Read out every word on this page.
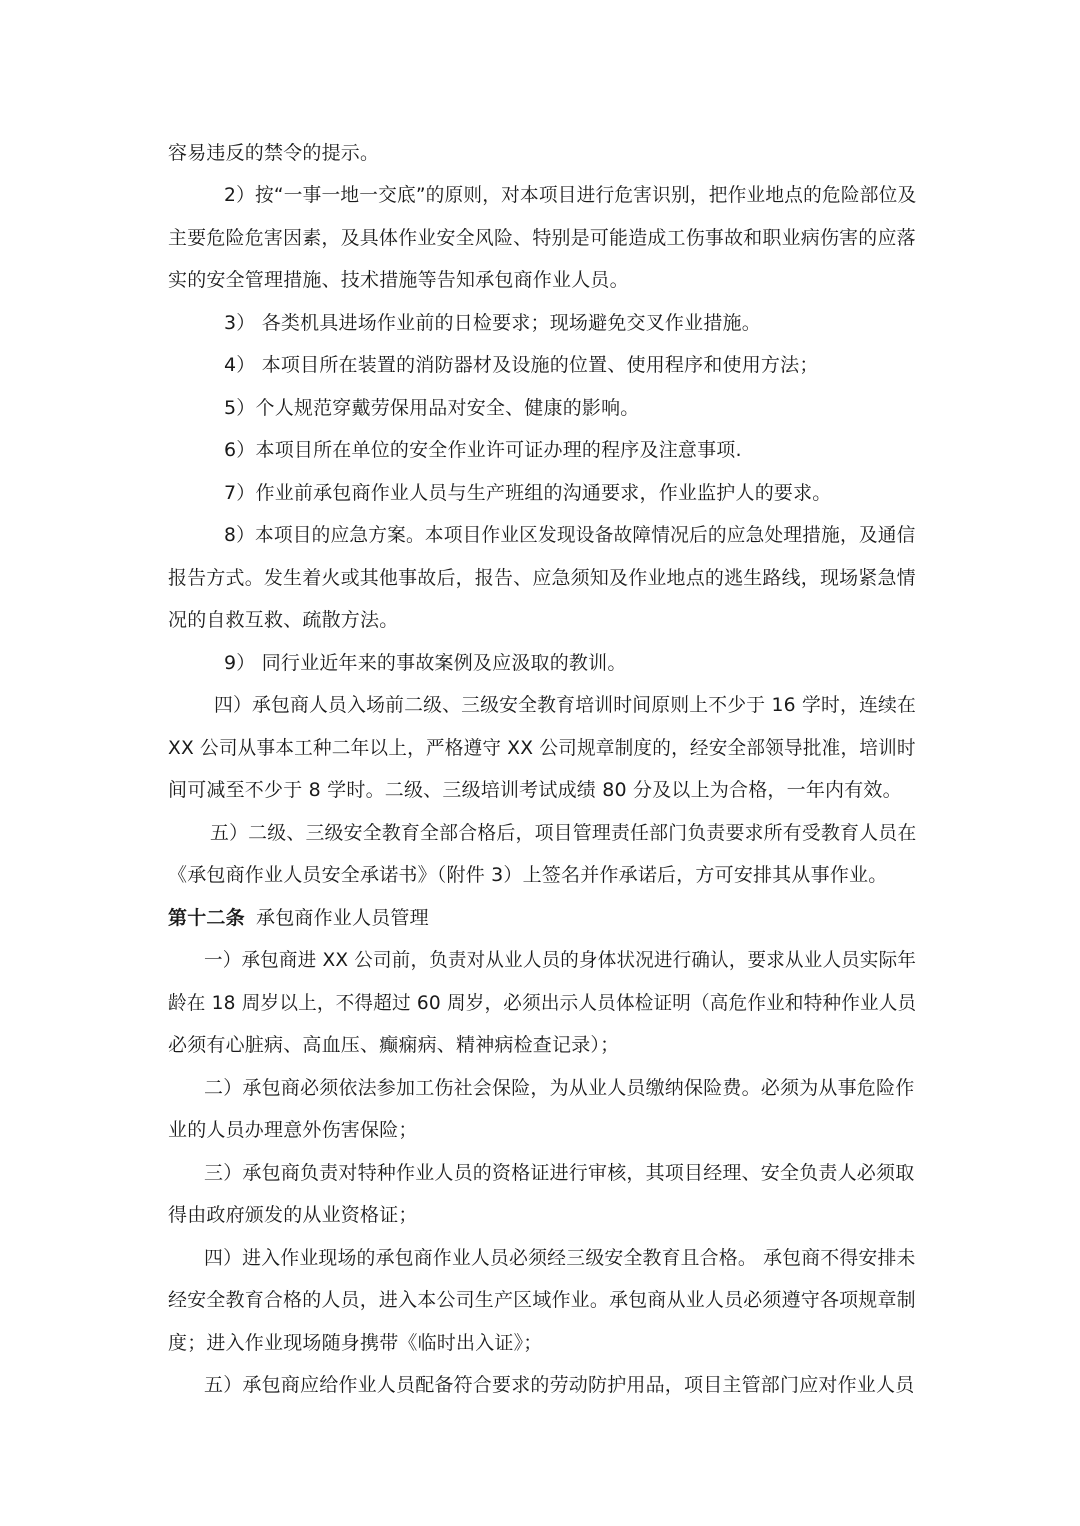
容易违反的禁令的提示。
2）按“一事一地一交底”的原则，对本项目进行危害识别，把作业地点的危险部位及
主要危险危害因素，及具体作业安全风险、特别是可能造成工伤事故和职业病伤害的应落
实的安全管理措施、技术措施等告知承包商作业人员。
3） 各类机具进场作业前的日检要求；现场避免交叉作业措施。
4） 本项目所在装置的消防器材及设施的位置、使用程序和使用方法；
5）个人规范穿戴劳保用品对安全、健康的影响。
6）本项目所在单位的安全作业许可证办理的程序及注意事项.
7）作业前承包商作业人员与生产班组的沟通要求，作业监护人的要求。
8）本项目的应急方案。本项目作业区发现设备故障情况后的应急处理措施，及通信
报告方式。发生着火或其他事故后，报告、应急须知及作业地点的逃生路线，现场紧急情
况的自救互救、疏散方法。
9） 同行业近年来的事故案例及应汲取的教训。
四）承包商人员入场前二级、三级安全教育培训时间原则上不少于 16 学时，连续在
XX 公司从事本工种二年以上，严格遵守 XX 公司规章制度的，经安全部领导批准，培训时
间可减至不少于 8 学时。二级、三级培训考试成绩 80 分及以上为合格，一年内有效。
五）二级、三级安全教育全部合格后，项目管理责任部门负责要求所有受教育人员在
《承包商作业人员安全承诺书》（附件 3）上签名并作承诺后，方可安排其从事作业。
第十二条 承包商作业人员管理
一）承包商进 XX 公司前，负责对从业人员的身体状况进行确认，要求从业人员实际年
龄在 18 周岁以上，不得超过 60 周岁，必须出示人员体检证明（高危作业和特种作业人员
必须有心脏病、高血压、癫痫病、精神病检查记录）；
二）承包商必须依法参加工伤社会保险，为从业人员缴纳保险费。必须为从事危险作
业的人员办理意外伤害保险；
三）承包商负责对特种作业人员的资格证进行审核，其项目经理、安全负责人必须取
得由政府颁发的从业资格证；
四）进入作业现场的承包商作业人员必须经三级安全教育且合格。 承包商不得安排未
经安全教育合格的人员，进入本公司生产区域作业。承包商从业人员必须遵守各项规章制
度；进入作业现场随身携带《临时出入证》；
五）承包商应给作业人员配备符合要求的劳动防护用品，项目主管部门应对作业人员
